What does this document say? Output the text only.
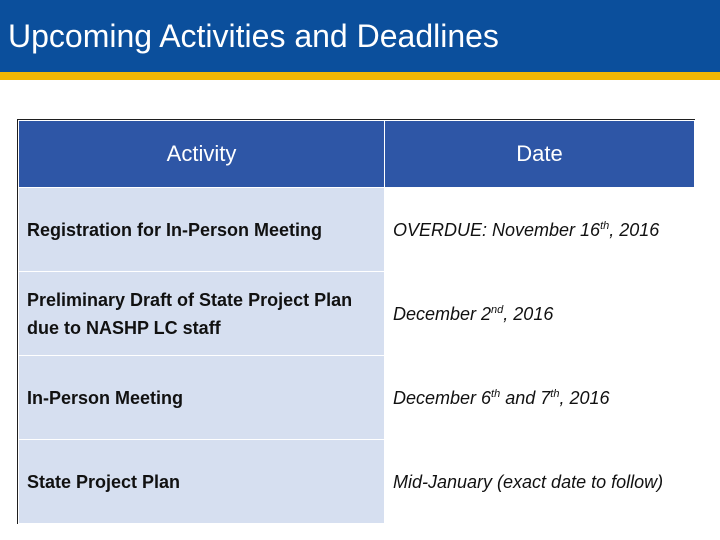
Upcoming Activities and Deadlines
Activity	Date
Registration for In-Person Meeting	OVERDUE: November 16th, 2016
Preliminary Draft of State Project Plan due to NASHP LC staff	December 2nd, 2016
In-Person Meeting	December 6th and 7th, 2016
State Project Plan	Mid-January (exact date to follow)
